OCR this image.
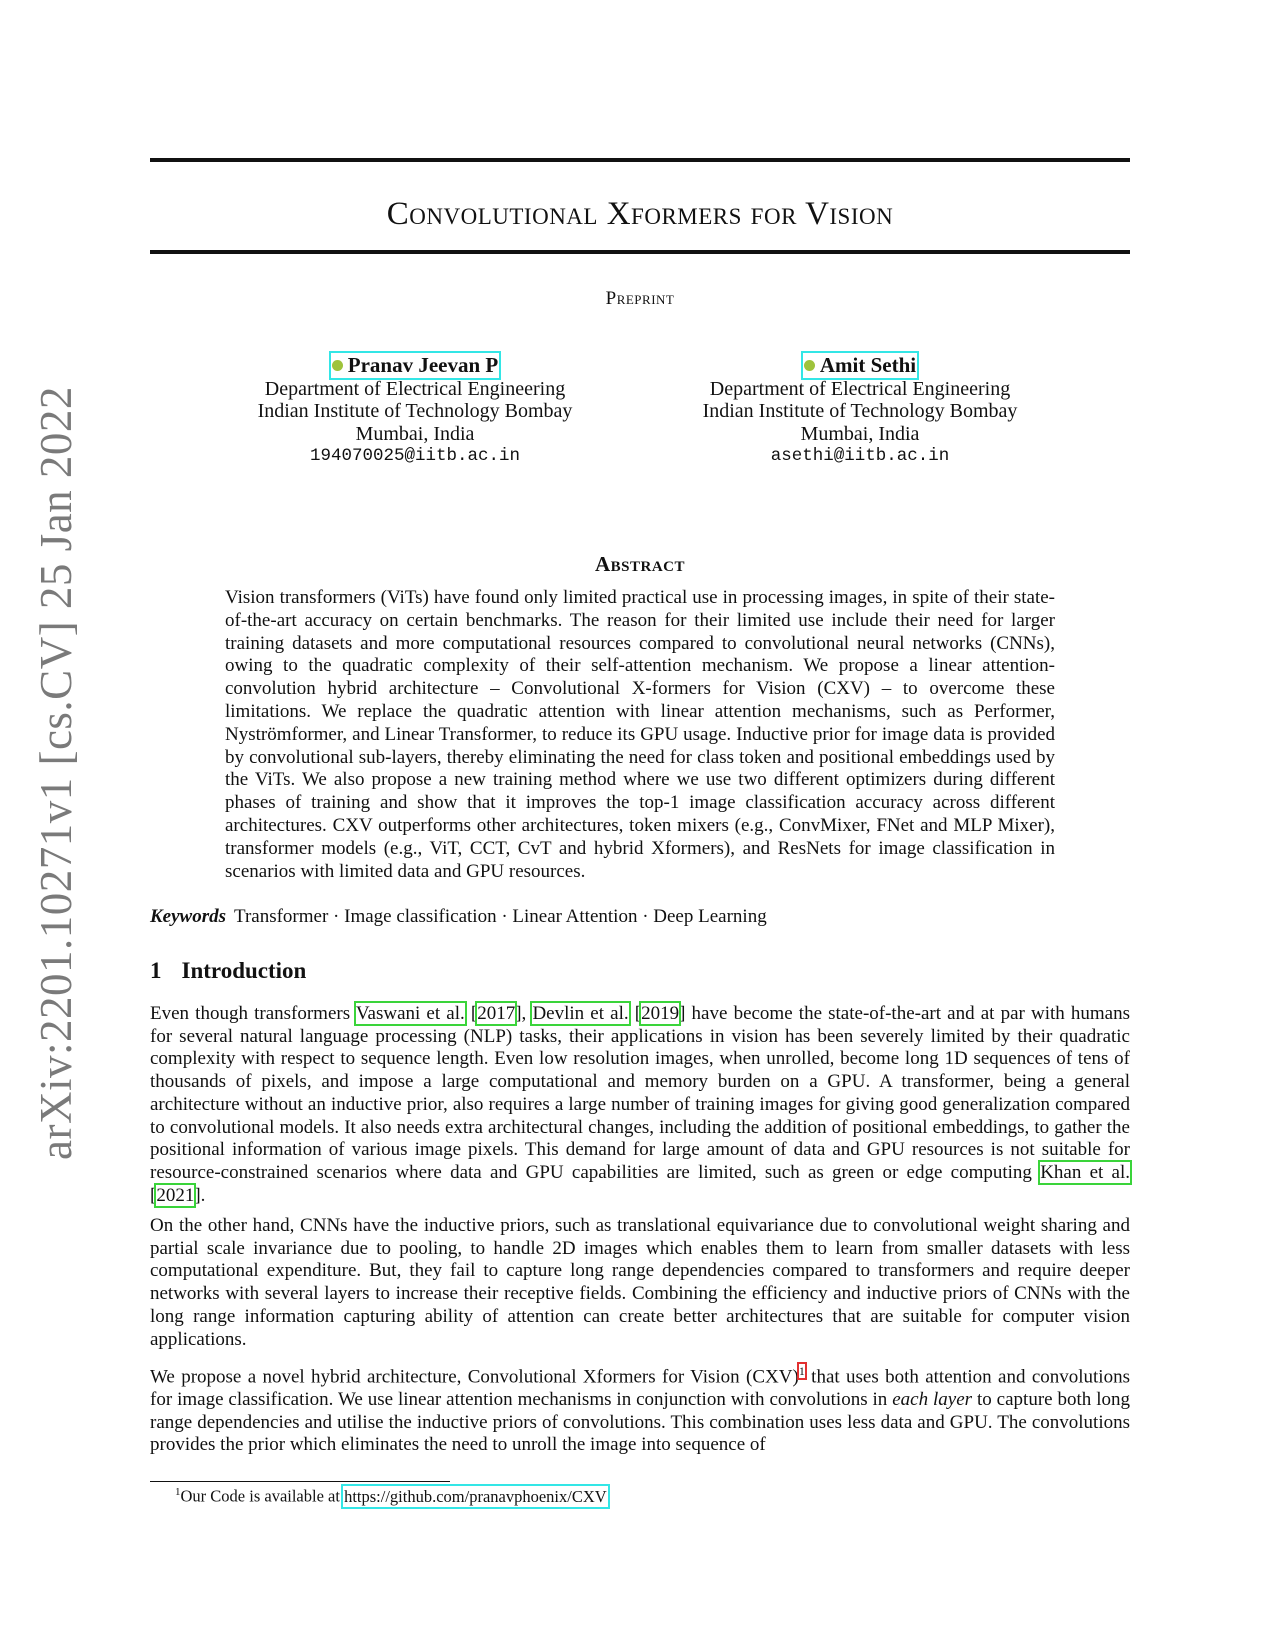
arXiv:2201.10271v1 [cs.CV] 25 Jan 2022
Convolutional Xformers for Vision
Preprint
Pranav Jeevan P
Department of Electrical Engineering
Indian Institute of Technology Bombay
Mumbai, India
194070025@iitb.ac.in
Amit Sethi
Department of Electrical Engineering
Indian Institute of Technology Bombay
Mumbai, India
asethi@iitb.ac.in
Abstract
Vision transformers (ViTs) have found only limited practical use in processing images, in spite of their state-of-the-art accuracy on certain benchmarks. The reason for their limited use include their need for larger training datasets and more computational resources compared to convolutional neural networks (CNNs), owing to the quadratic complexity of their self-attention mechanism. We propose a linear attention-convolution hybrid architecture – Convolutional X-formers for Vision (CXV) – to overcome these limitations. We replace the quadratic attention with linear attention mechanisms, such as Performer, Nyströmformer, and Linear Transformer, to reduce its GPU usage. Inductive prior for image data is provided by convolutional sub-layers, thereby eliminating the need for class token and positional embeddings used by the ViTs. We also propose a new training method where we use two different optimizers during different phases of training and show that it improves the top-1 image classification accuracy across different architectures. CXV outperforms other architectures, token mixers (e.g., ConvMixer, FNet and MLP Mixer), transformer models (e.g., ViT, CCT, CvT and hybrid Xformers), and ResNets for image classification in scenarios with limited data and GPU resources.
Keywords Transformer · Image classification · Linear Attention · Deep Learning
1 Introduction
Even though transformers Vaswani et al. [2017], Devlin et al. [2019] have become the state-of-the-art and at par with humans for several natural language processing (NLP) tasks, their applications in vision has been severely limited by their quadratic complexity with respect to sequence length. Even low resolution images, when unrolled, become long 1D sequences of tens of thousands of pixels, and impose a large computational and memory burden on a GPU. A transformer, being a general architecture without an inductive prior, also requires a large number of training images for giving good generalization compared to convolutional models. It also needs extra architectural changes, including the addition of positional embeddings, to gather the positional information of various image pixels. This demand for large amount of data and GPU resources is not suitable for resource-constrained scenarios where data and GPU capabilities are limited, such as green or edge computing Khan et al. [2021].
On the other hand, CNNs have the inductive priors, such as translational equivariance due to convolutional weight sharing and partial scale invariance due to pooling, to handle 2D images which enables them to learn from smaller datasets with less computational expenditure. But, they fail to capture long range dependencies compared to transformers and require deeper networks with several layers to increase their receptive fields. Combining the efficiency and inductive priors of CNNs with the long range information capturing ability of attention can create better architectures that are suitable for computer vision applications.
We propose a novel hybrid architecture, Convolutional Xformers for Vision (CXV)$^1$ that uses both attention and convolutions for image classification. We use linear attention mechanisms in conjunction with convolutions in each layer to capture both long range dependencies and utilise the inductive priors of convolutions. This combination uses less data and GPU. The convolutions provides the prior which eliminates the need to unroll the image into sequence of
$^1$Our Code is available at https://github.com/pranavphoenix/CXV
